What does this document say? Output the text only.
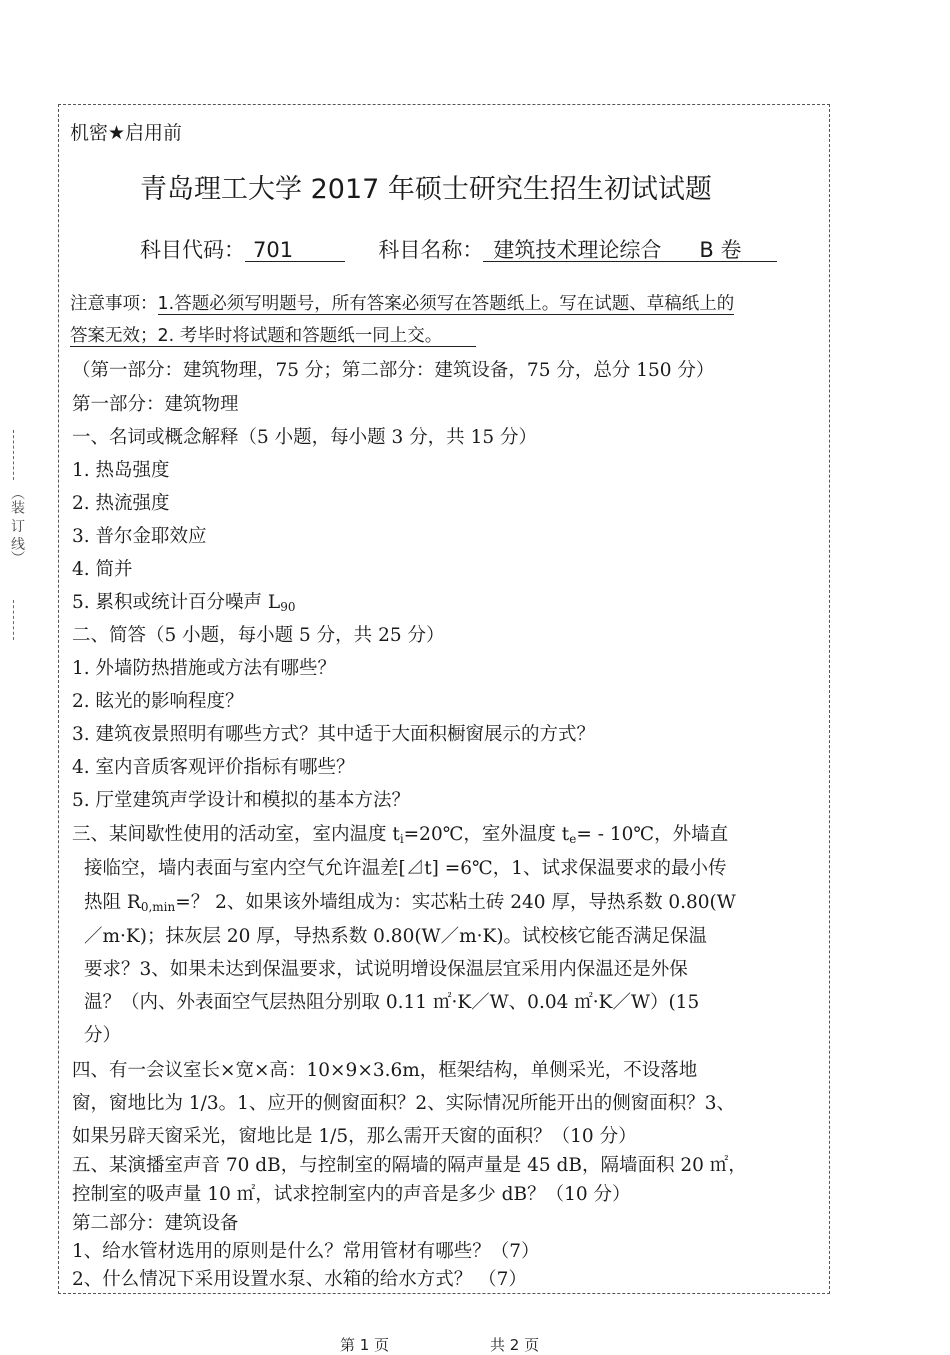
（装 订 线）
机密★启用前
青岛理工大学 2017 年硕士研究生招生初试试题
科目代码： 701	科目名称： 建筑技术理论综合 B 卷
注意事项：1.答题必须写明题号，所有答案必须写在答题纸上。写在试题、草稿纸上的
答案无效；2. 考毕时将试题和答题纸一同上交。
（第一部分：建筑物理，75 分；第二部分：建筑设备，75 分，总分 150 分）
第一部分：建筑物理
一、名词或概念解释（5 小题，每小题 3 分，共 15 分）
1. 热岛强度
2. 热流强度
3. 普尔金耶效应
4. 简并
5. 累积或统计百分噪声 $L_{90}$
二、简答（5 小题，每小题 5 分，共 25 分）
1. 外墙防热措施或方法有哪些？
2. 眩光的影响程度？
3. 建筑夜景照明有哪些方式？其中适于大面积橱窗展示的方式？
4. 室内音质客观评价指标有哪些？
5. 厅堂建筑声学设计和模拟的基本方法？
三、某间歇性使用的活动室，室内温度 $t_i=20℃$，室外温度 $t_e=$ - 10℃，外墙直
接临空，墙内表面与室内空气允许温差[⊿t] =6℃，1、试求保温要求的最小传
热阻 $R_{0,min}=$？ 2、如果该外墙组成为：实芯粘土砖 240 厚，导热系数 0.80(W
／m·K)；抹灰层 20 厚，导热系数 0.80(W／m·K)。试校核它能否满足保温
要求？3、如果未达到保温要求，试说明增设保温层宜采用内保温还是外保
温？（内、外表面空气层热阻分别取 0.11 ㎡·K／W、0.04 ㎡·K／W）(15
分）
四、有一会议室长×宽×高：10×9×3.6m，框架结构，单侧采光，不设落地
窗，窗地比为 1/3。1、应开的侧窗面积？2、实际情况所能开出的侧窗面积？3、
如果另辟天窗采光，窗地比是 1/5，那么需开天窗的面积？（10 分）
五、某演播室声音 70 dB，与控制室的隔墙的隔声量是 45 dB，隔墙面积 20 ㎡，
控制室的吸声量 10 ㎡，试求控制室内的声音是多少 dB？（10 分）
第二部分：建筑设备
1、给水管材选用的原则是什么？常用管材有哪些？（7）
2、什么情况下采用设置水泵、水箱的给水方式？ （7）
第 1 页	共 2 页
